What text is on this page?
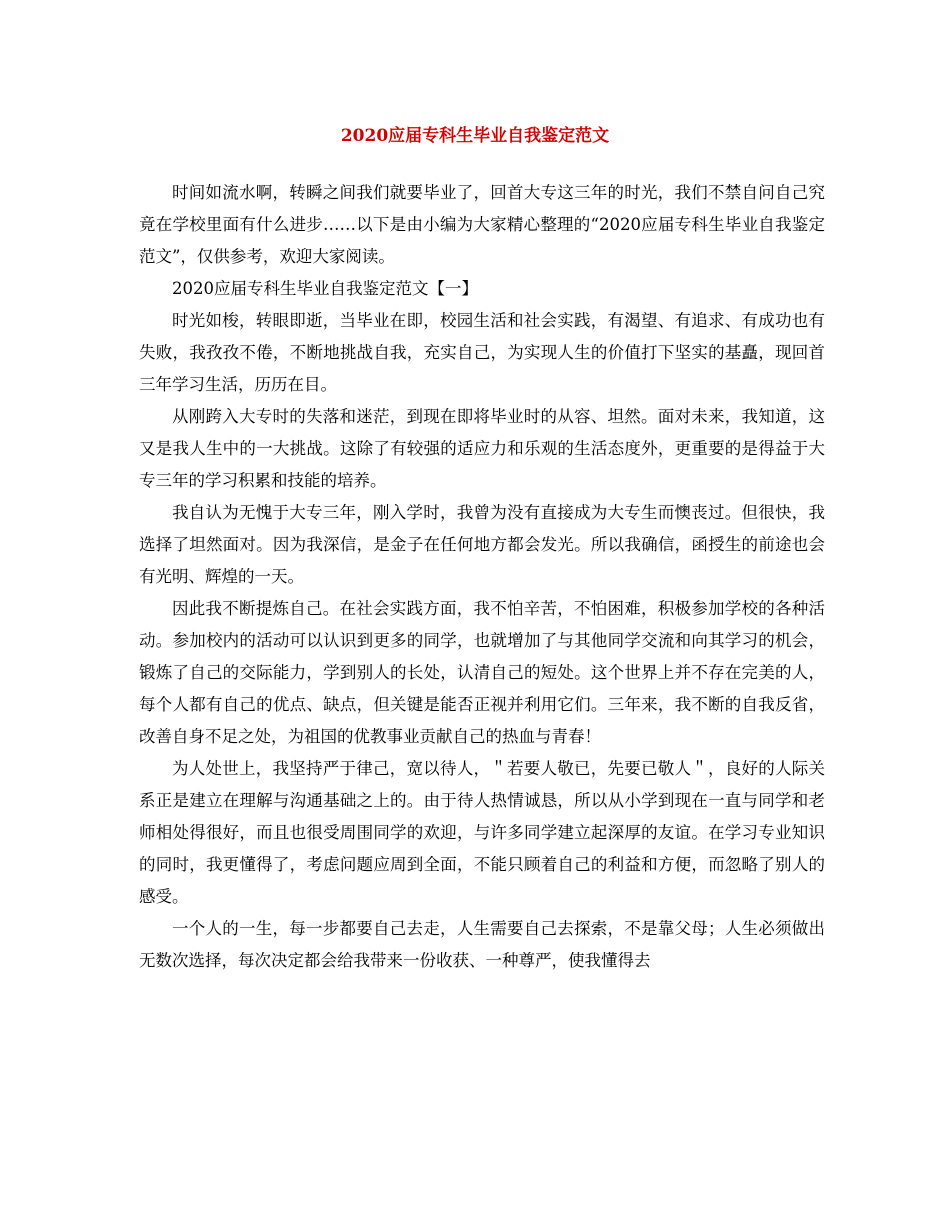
2020应届专科生毕业自我鉴定范文

时间如流水啊，转瞬之间我们就要毕业了，回首大专这三年的时光，我们不禁自问自己究竟在学校里面有什么进步……以下是由小编为大家精心整理的“2020应届专科生毕业自我鉴定范文”，仅供参考，欢迎大家阅读。

2020应届专科生毕业自我鉴定范文【一】

时光如梭，转眼即逝，当毕业在即，校园生活和社会实践，有渴望、有追求、有成功也有失败，我孜孜不倦，不断地挑战自我，充实自己，为实现人生的价值打下坚实的基矗，现回首三年学习生活，历历在目。

从刚跨入大专时的失落和迷茫，到现在即将毕业时的从容、坦然。面对未来，我知道，这又是我人生中的一大挑战。这除了有较强的适应力和乐观的生活态度外，更重要的是得益于大专三年的学习积累和技能的培养。

我自认为无愧于大专三年，刚入学时，我曾为没有直接成为大专生而懊丧过。但很快，我选择了坦然面对。因为我深信，是金子在任何地方都会发光。所以我确信，函授生的前途也会有光明、辉煌的一天。

因此我不断提炼自己。在社会实践方面，我不怕辛苦，不怕困难，积极参加学校的各种活动。参加校内的活动可以认识到更多的同学，也就增加了与其他同学交流和向其学习的机会，锻炼了自己的交际能力，学到别人的长处，认清自己的短处。这个世界上并不存在完美的人，每个人都有自己的优点、缺点，但关键是能否正视并利用它们。三年来，我不断的自我反省，改善自身不足之处，为祖国的优教事业贡献自己的热血与青春！

为人处世上，我坚持严于律己，宽以待人，＂若要人敬已，先要已敬人＂，良好的人际关系正是建立在理解与沟通基础之上的。由于待人热情诚恳，所以从小学到现在一直与同学和老师相处得很好，而且也很受周围同学的欢迎，与许多同学建立起深厚的友谊。在学习专业知识的同时，我更懂得了，考虑问题应周到全面，不能只顾着自己的利益和方便，而忽略了别人的感受。

一个人的一生，每一步都要自己去走，人生需要自己去探索，不是靠父母；人生必须做出无数次选择，每次决定都会给我带来一份收获、一种尊严，使我懂得去
